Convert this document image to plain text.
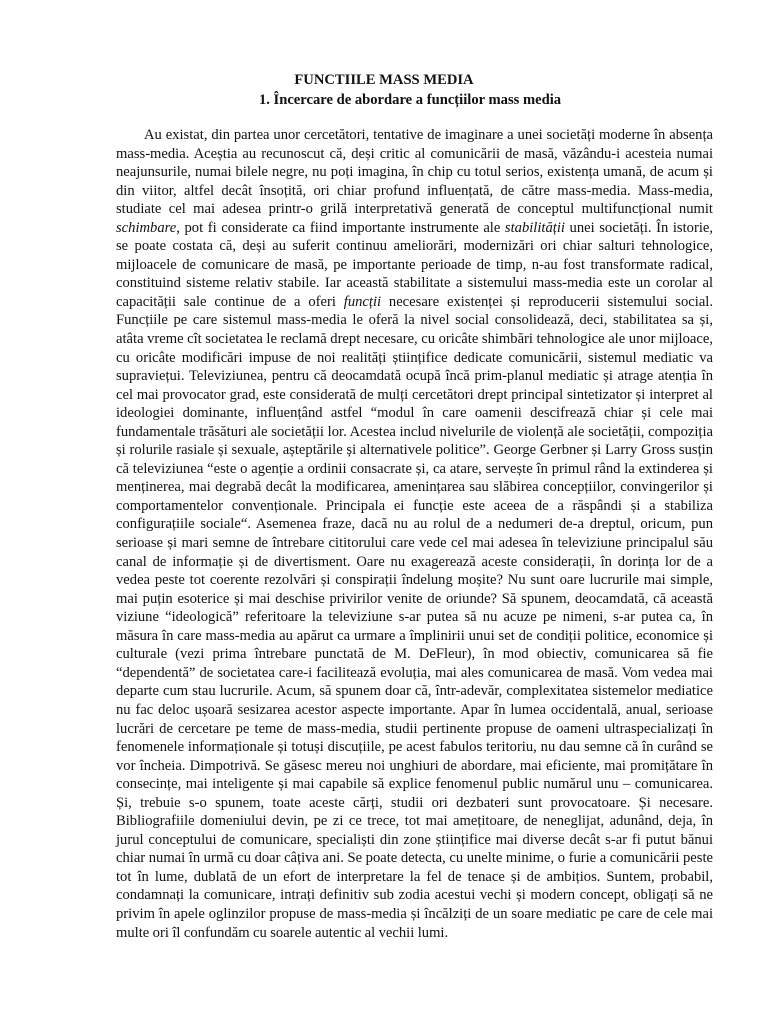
FUNCTIILE MASS MEDIA
1. Încercare de abordare a funcțiilor mass media

Au existat, din partea unor cercetători, tentative de imaginare a unei societăți moderne în absența mass-media. Aceștia au recunoscut că, deși critic al comunicării de masă, văzându-i acesteia numai neajunsurile, numai bilele negre, nu poți imagina, în chip cu totul serios, existența umană, de acum și din viitor, altfel decât însoțită, ori chiar profund influențată, de către mass-media. Mass-media, studiate cel mai adesea printr-o grilă interpretativă generată de conceptul multifuncțional numit schimbare, pot fi considerate ca fiind importante instrumente ale stabilității unei societăți. În istorie, se poate costata că, deși au suferit continuu ameliorări, modernizări ori chiar salturi tehnologice, mijloacele de comunicare de masă, pe importante perioade de timp, n-au fost transformate radical, constituind sisteme relativ stabile. Iar această stabilitate a sistemului mass-media este un corolar al capacității sale continue de a oferi funcții necesare existenței și reproducerii sistemului social. Funcțiile pe care sistemul mass-media le oferă la nivel social consolidează, deci, stabilitatea sa și, atâta vreme cît societatea le reclamă drept necesare, cu oricâte shimbări tehnologice ale unor mijloace, cu oricâte modificări impuse de noi realități științifice dedicate comunicării, sistemul mediatic va supraviețui. Televiziunea, pentru că deocamdată ocupă încă prim-planul mediatic și atrage atenția în cel mai provocator grad, este considerată de mulți cercetători drept principal sintetizator și interpret al ideologiei dominante, influențând astfel “modul în care oamenii descifrează chiar și cele mai fundamentale trăsături ale societății lor. Acestea includ nivelurile de violență ale societății, compoziția și rolurile rasiale și sexuale, așteptările și alternativele politice”. George Gerbner și Larry Gross susțin că televiziunea “este o agenție a ordinii consacrate și, ca atare, servește în primul rând la extinderea și menținerea, mai degrabă decât la modificarea, amenințarea sau slăbirea concepțiilor, convingerilor și comportamentelor convenționale. Principala ei funcție este aceea de a răspândi și a stabiliza configurațiile sociale“. Asemenea fraze, dacă nu au rolul de a nedumeri de-a dreptul, oricum, pun serioase și mari semne de întrebare cititorului care vede cel mai adesea în televiziune principalul său canal de informație și de divertisment. Oare nu exagerează aceste considerații, în dorința lor de a vedea peste tot coerente rezolvări și conspirații îndelung moșite? Nu sunt oare lucrurile mai simple, mai puțin esoterice și mai deschise privirilor venite de oriunde? Să spunem, deocamdată, că această viziune “ideologică” referitoare la televiziune s-ar putea să nu acuze pe nimeni, s-ar putea ca, în măsura în care mass-media au apărut ca urmare a împlinirii unui set de condiții politice, economice și culturale (vezi prima întrebare punctată de M. DeFleur), în mod obiectiv, comunicarea să fie “dependentă” de societatea care-i facilitează evoluția, mai ales comunicarea de masă. Vom vedea mai departe cum stau lucrurile. Acum, să spunem doar că, într-adevăr, complexitatea sistemelor mediatice nu fac deloc ușoară sesizarea acestor aspecte importante. Apar în lumea occidentală, anual, serioase lucrări de cercetare pe teme de mass-media, studii pertinente propuse de oameni ultraspecializați în fenomenele informaționale și totuși discuțiile, pe acest fabulos teritoriu, nu dau semne că în curând se vor încheia. Dimpotrivă. Se găsesc mereu noi unghiuri de abordare, mai eficiente, mai promițătare în consecințe, mai inteligente și mai capabile să explice fenomenul public numărul unu – comunicarea. Și, trebuie s-o spunem, toate aceste cărți, studii ori dezbateri sunt provocatoare. Și necesare. Bibliografiile domeniului devin, pe zi ce trece, tot mai amețitoare, de neneglijat, adunând, deja, în jurul conceptului de comunicare, specialiști din zone științifice mai diverse decât s-ar fi putut bănui chiar numai în urmă cu doar câțiva ani. Se poate detecta, cu unelte minime, o furie a comunicării peste tot în lume, dublată de un efort de interpretare la fel de tenace și de ambițios. Suntem, probabil, condamnați la comunicare, intrați definitiv sub zodia acestui vechi și modern concept, obligați să ne privim în apele oglinzilor propuse de mass-media și încălziți de un soare mediatic pe care de cele mai multe ori îl confundăm cu soarele autentic al vechii lumi.
